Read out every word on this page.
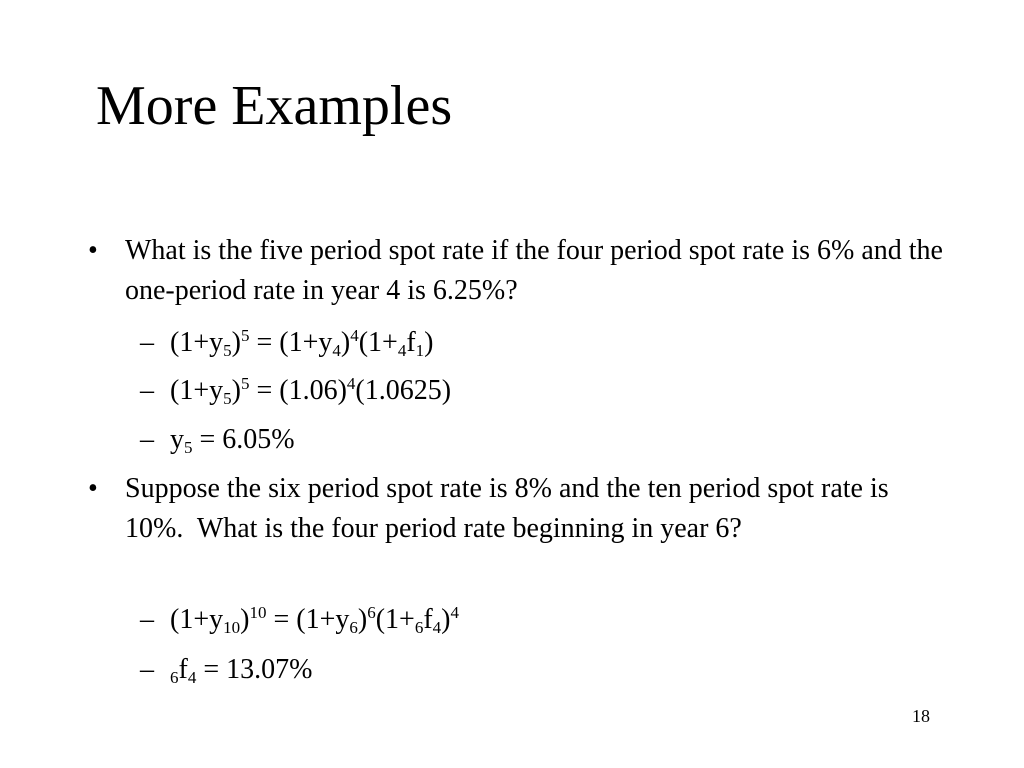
More Examples
• What is the five period spot rate if the four period spot rate is 6% and the one-period rate in year 4 is 6.25%?
– $(1+y_5)^5 = (1+y_4)^4(1+_4f_1)$
– $(1+y_5)^5 = (1.06)^4(1.0625)$
– $y_5 = 6.05\%$
• Suppose the six period spot rate is 8% and the ten period spot rate is 10%.  What is the four period rate beginning in year 6?
– $(1+y_{10})^{10} = (1+y_6)^6(1+_6f_4)^4$
– $_6f_4 = 13.07\%$
18
